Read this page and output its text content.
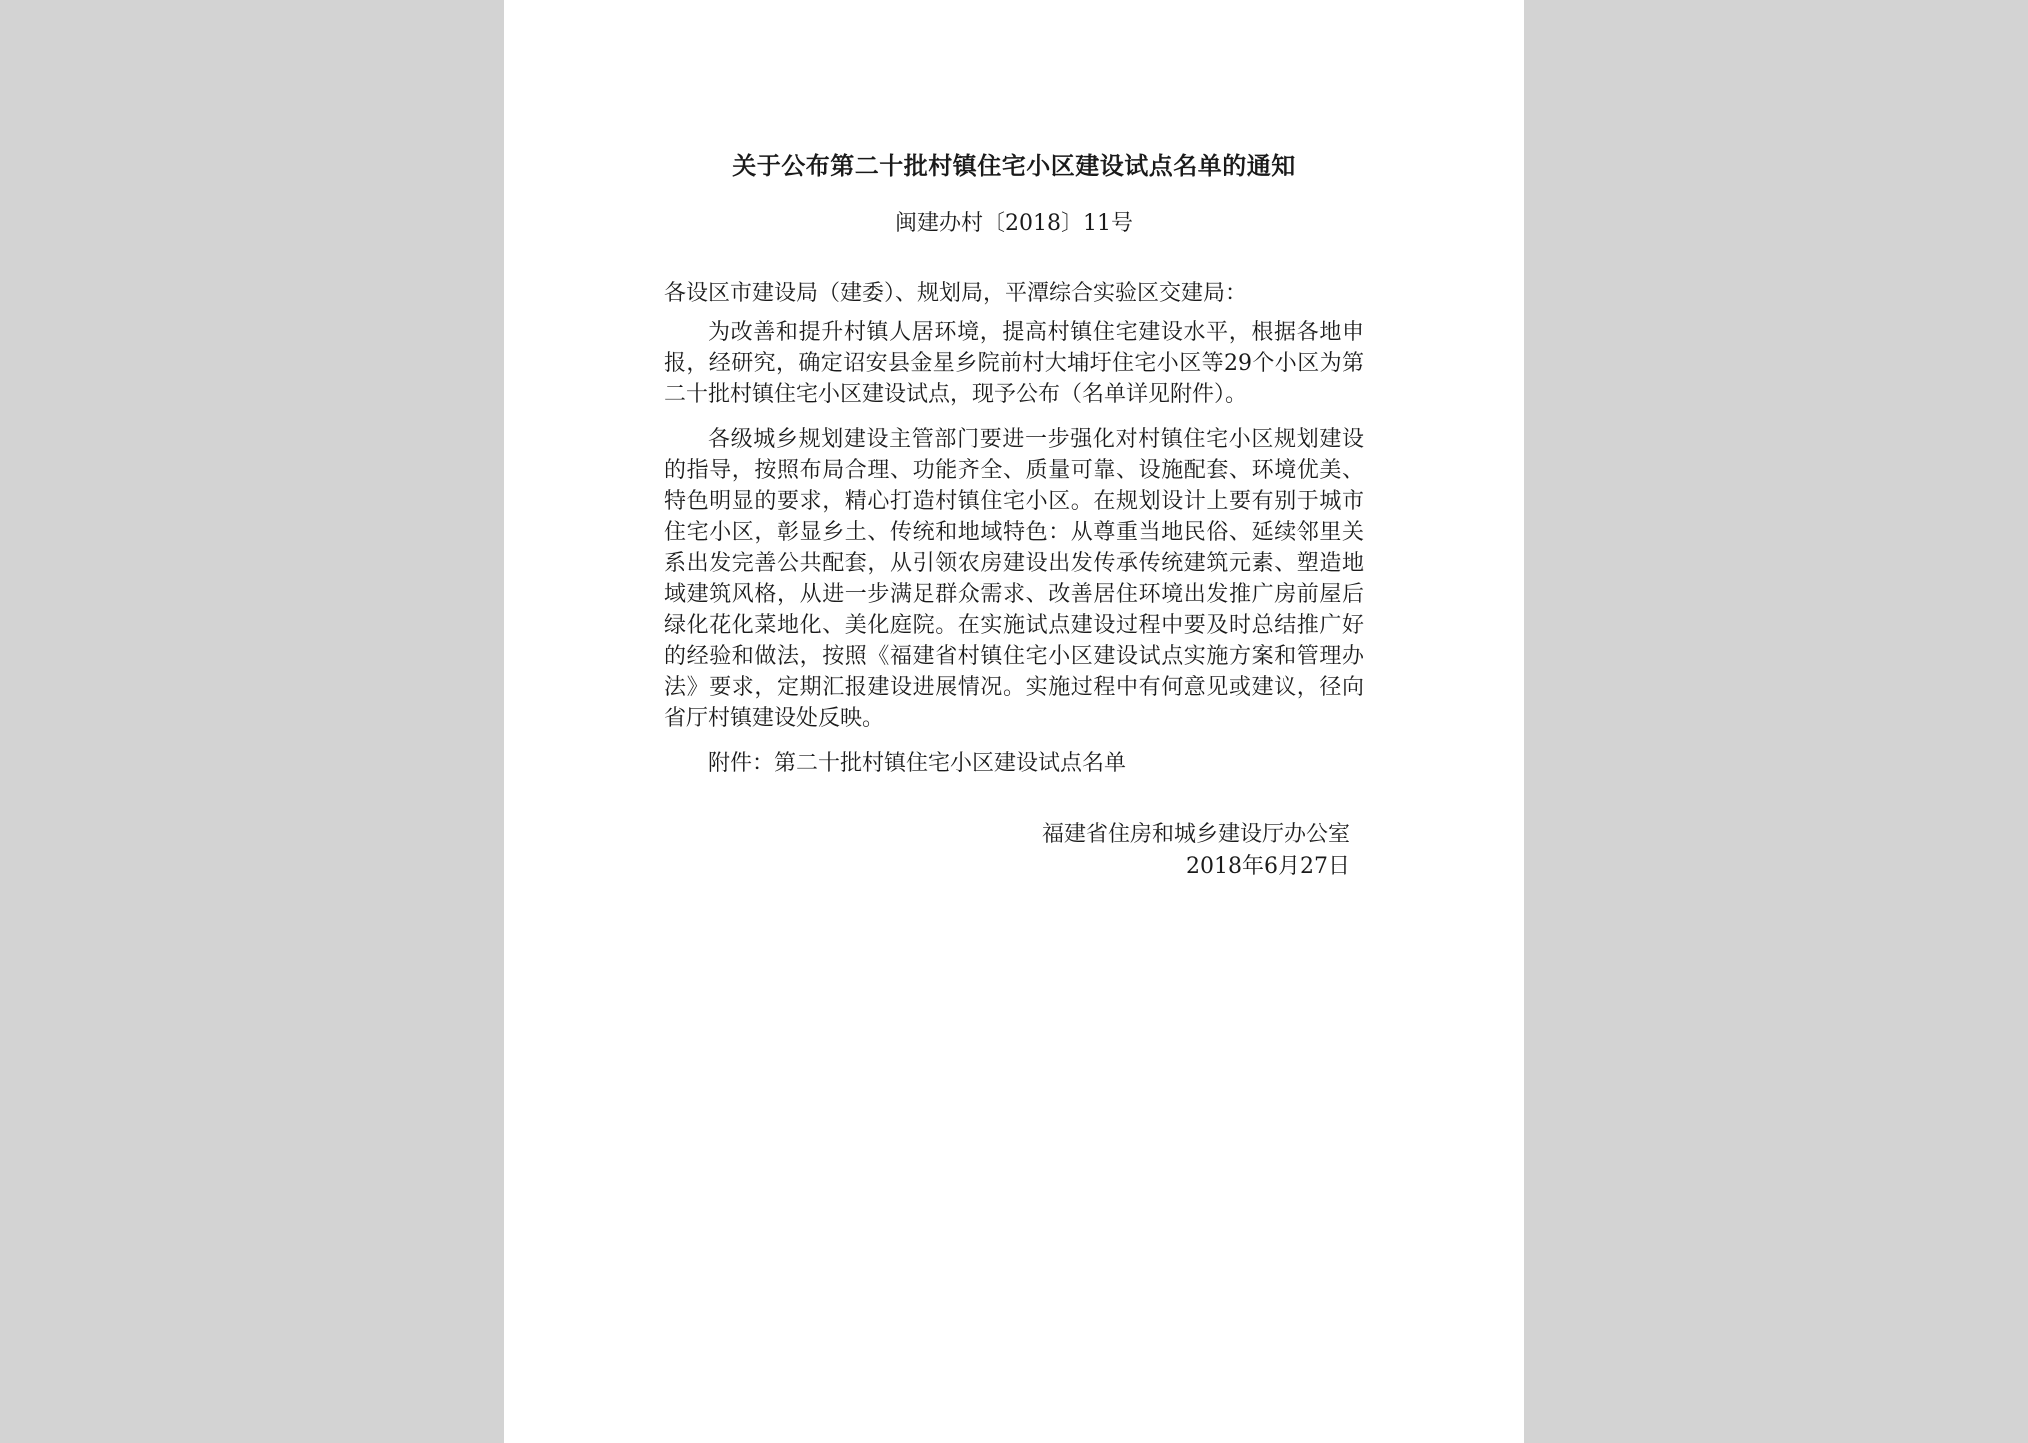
关于公布第二十批村镇住宅小区建设试点名单的通知
闽建办村〔2018〕11号
各设区市建设局（建委）、规划局，平潭综合实验区交建局：

为改善和提升村镇人居环境，提高村镇住宅建设水平，根据各地申报，经研究，确定诏安县金星乡院前村大埔圩住宅小区等29个小区为第二十批村镇住宅小区建设试点，现予公布（名单详见附件）。

各级城乡规划建设主管部门要进一步强化对村镇住宅小区规划建设的指导，按照布局合理、功能齐全、质量可靠、设施配套、环境优美、特色明显的要求，精心打造村镇住宅小区。在规划设计上要有别于城市住宅小区，彰显乡土、传统和地域特色：从尊重当地民俗、延续邻里关系出发完善公共配套，从引领农房建设出发传承传统建筑元素、塑造地域建筑风格，从进一步满足群众需求、改善居住环境出发推广房前屋后绿化花化菜地化、美化庭院。在实施试点建设过程中要及时总结推广好的经验和做法，按照《福建省村镇住宅小区建设试点实施方案和管理办法》要求，定期汇报建设进展情况。实施过程中有何意见或建议，径向省厅村镇建设处反映。

附件：第二十批村镇住宅小区建设试点名单
福建省住房和城乡建设厅办公室
2018年6月27日
